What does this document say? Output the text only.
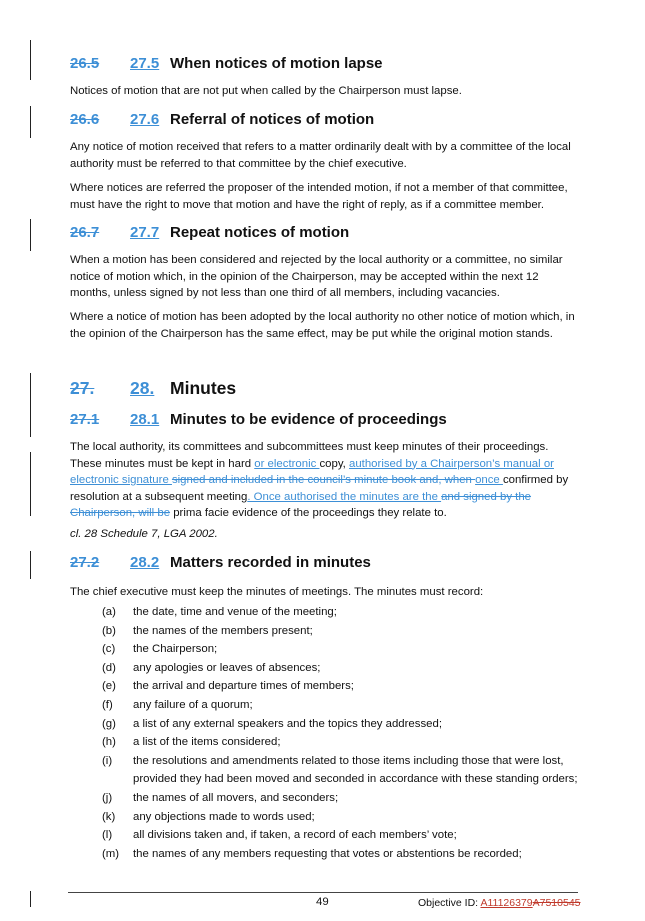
26.5 27.5 When notices of motion lapse
Notices of motion that are not put when called by the Chairperson must lapse.
26.6 27.6 Referral of notices of motion
Any notice of motion received that refers to a matter ordinarily dealt with by a committee of the local authority must be referred to that committee by the chief executive.
Where notices are referred the proposer of the intended motion, if not a member of that committee, must have the right to move that motion and have the right of reply, as if a committee member.
26.7 27.7 Repeat notices of motion
When a motion has been considered and rejected by the local authority or a committee, no similar notice of motion which, in the opinion of the Chairperson, may be accepted within the next 12 months, unless signed by not less than one third of all members, including vacancies.
Where a notice of motion has been adopted by the local authority no other notice of motion which, in the opinion of the Chairperson has the same effect, may be put while the original motion stands.
27. 28. Minutes
27.1 28.1 Minutes to be evidence of proceedings
The local authority, its committees and subcommittees must keep minutes of their proceedings. These minutes must be kept in hard or electronic copy, authorised by a Chairperson’s manual or electronic signature signed and included in the council’s minute book and, when once confirmed by resolution at a subsequent meeting. Once authorised the minutes are the and signed by the Chairperson, will be prima facie evidence of the proceedings they relate to.
cl. 28 Schedule 7, LGA 2002.
27.2 28.2 Matters recorded in minutes
The chief executive must keep the minutes of meetings. The minutes must record:
(a)	the date, time and venue of the meeting;
(b)	the names of the members present;
(c)	the Chairperson;
(d)	any apologies or leaves of absences;
(e)	the arrival and departure times of members;
(f)	any failure of a quorum;
(g)	a list of any external speakers and the topics they addressed;
(h)	a list of the items considered;
(i)	the resolutions and amendments related to those items including those that were lost, provided they had been moved and seconded in accordance with these standing orders;
(j)	the names of all movers, and seconders;
(k)	any objections made to words used;
(l)	all divisions taken and, if taken, a record of each members’ vote;
(m)	the names of any members requesting that votes or abstentions be recorded;
49	Objective ID: A11126379A7510545
